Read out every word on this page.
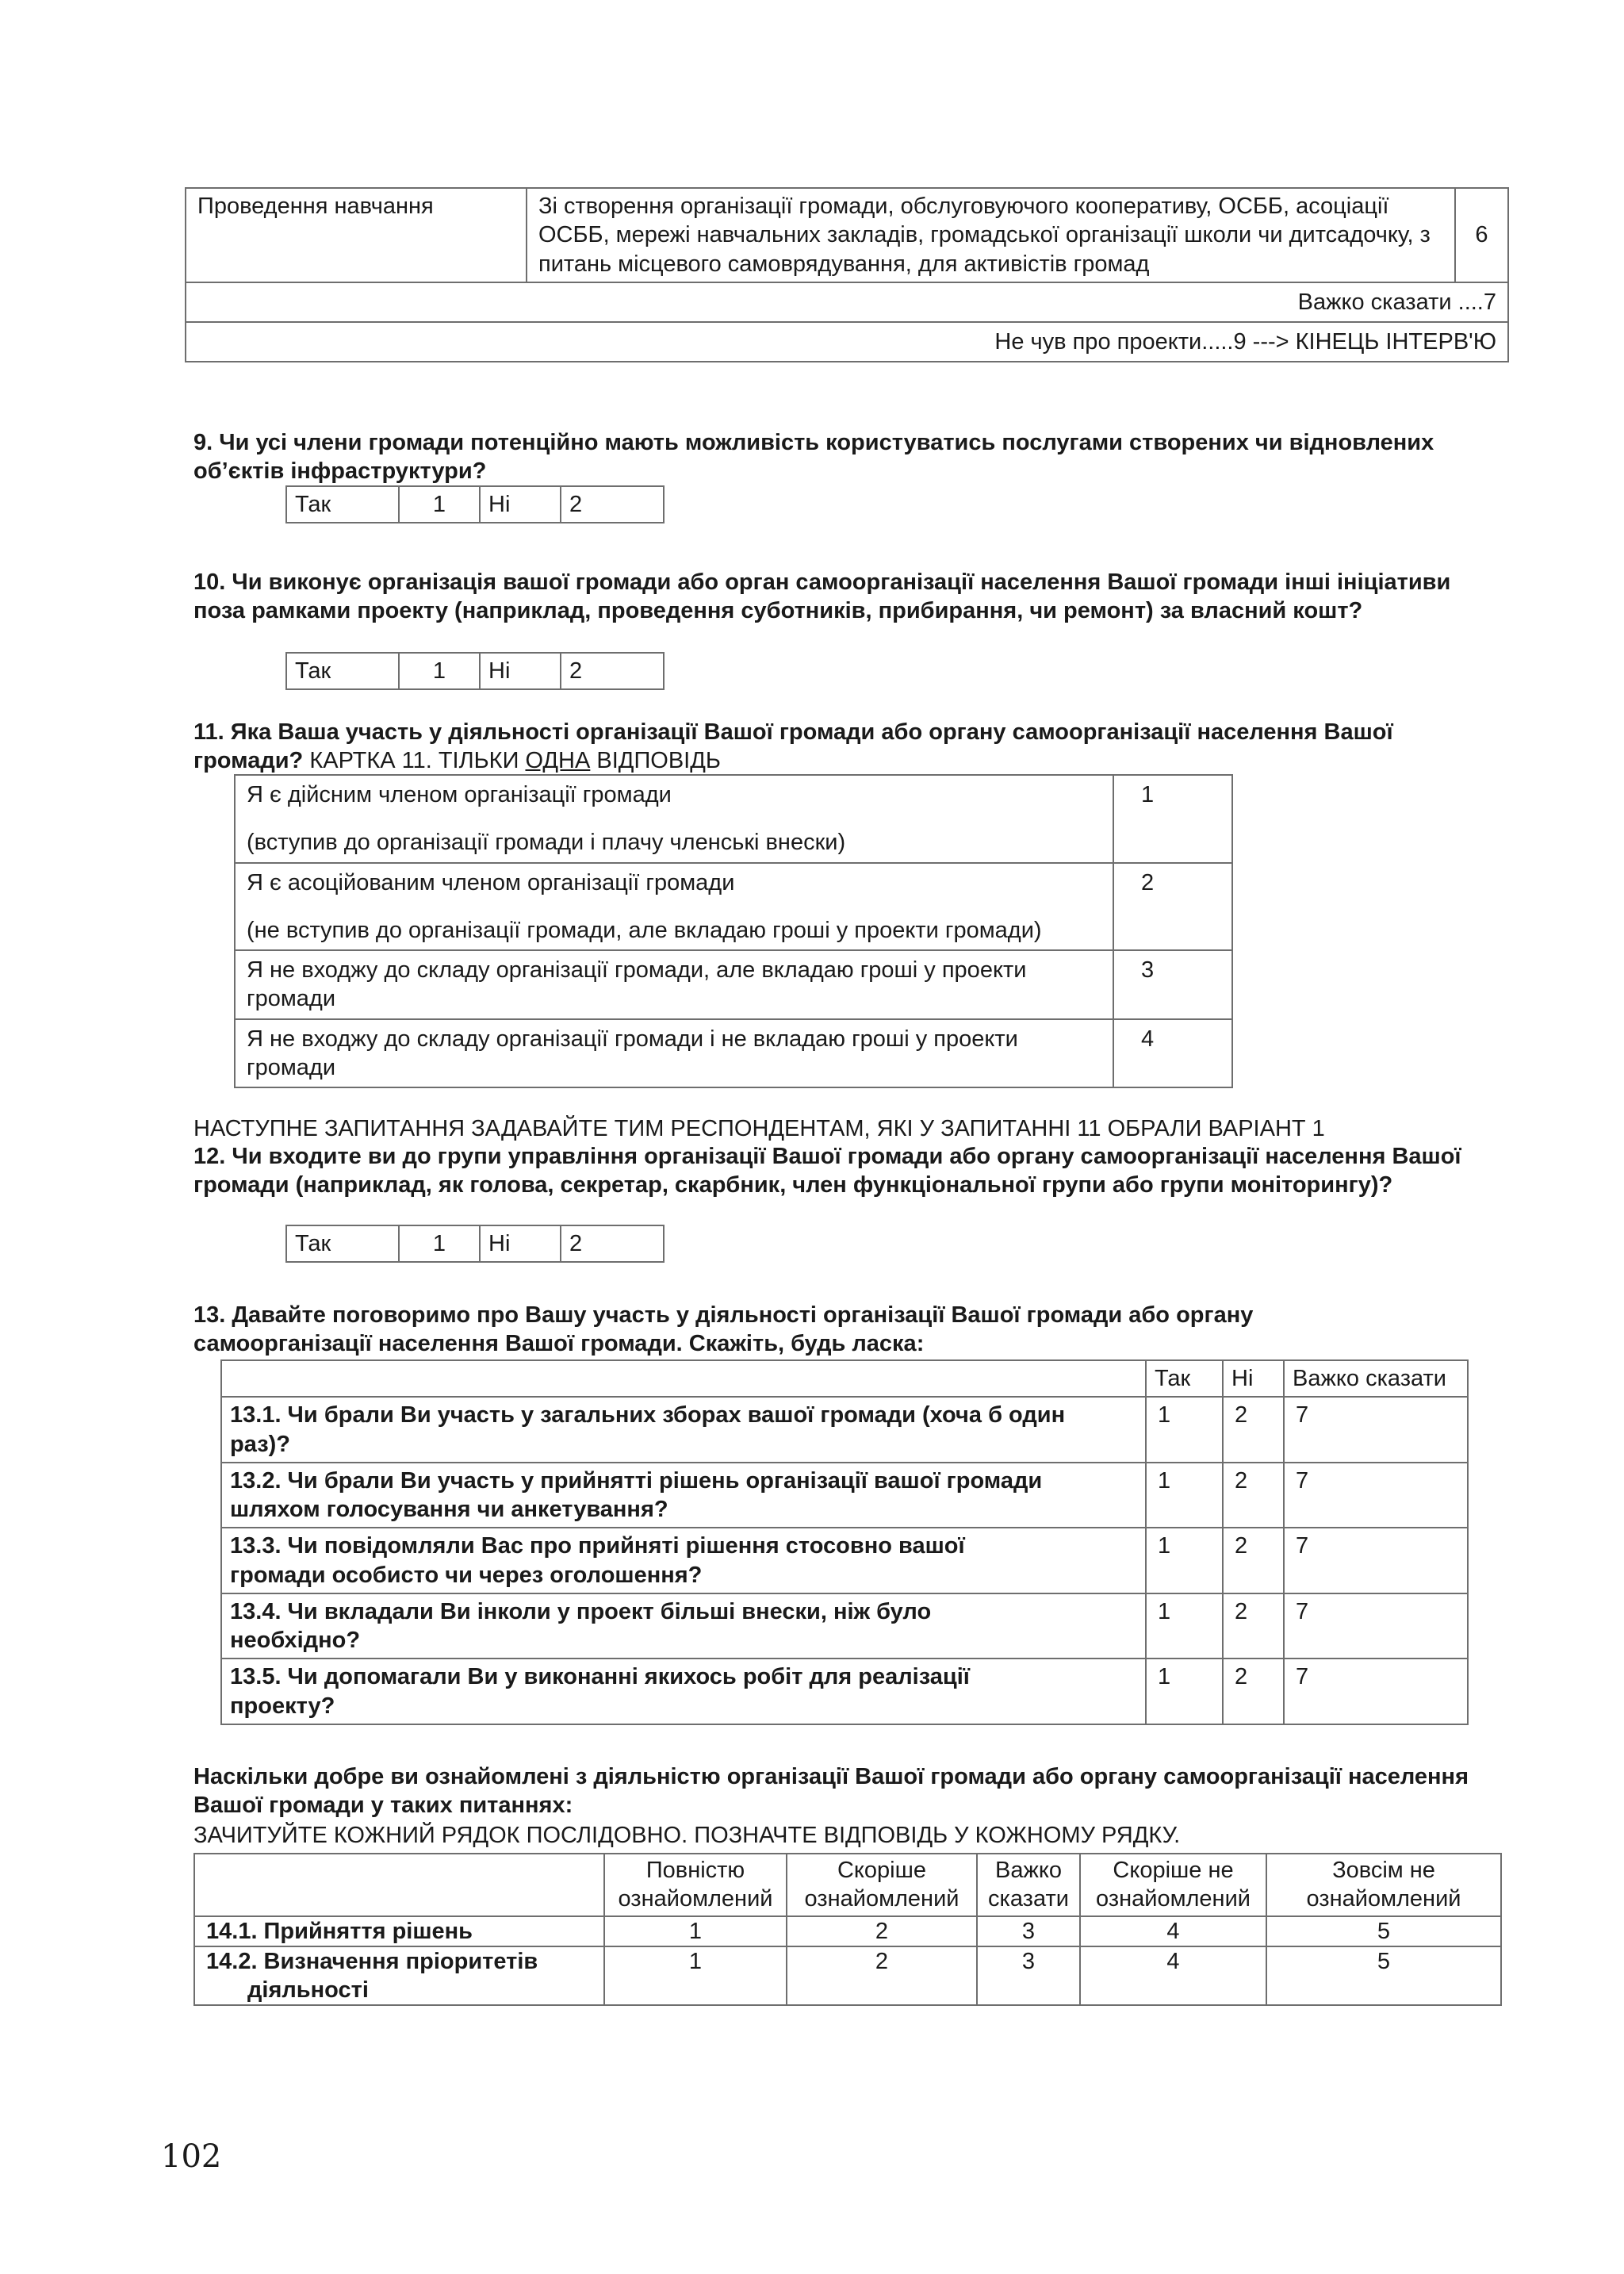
Проведення навчання	Зі створення організації громади, обслуговуючого кооперативу, ОСББ, асоціації ОСББ, мережі навчальних закладів, громадської організації школи чи дитсадочку, з питань місцевого самоврядування, для активістів громад	6
Важко сказати ....7
Не чув про проекти.....9 ---> КІНЕЦЬ ІНТЕРВ'Ю
9. Чи усі члени громади потенційно мають можливість користуватись послугами створених чи відновлених об’єктів інфраструктури?
Так	1	Ні	2
10. Чи виконує організація вашої громади або орган самоорганізації населення Вашої громади інші ініціативи поза рамками проекту (наприклад, проведення суботників, прибирання, чи ремонт) за власний кошт?
Так	1	Ні	2
11. Яка Ваша участь у діяльності організації Вашої громади або органу самоорганізації населення Вашої громади? КАРТКА 11. ТІЛЬКИ ОДНА ВІДПОВІДЬ
Я є дійсним членом організації громади
(вступив до організації громади і плачу членські внески)	1

Я є асоційованим членом організації громади
(не вступив до організації громади, але вкладаю гроші у проекти громади)	2

Я не входжу до складу організації громади, але вкладаю гроші у проекти громади	3

Я не входжу до складу організації громади і не вкладаю гроші у проекти громади	4
НАСТУПНЕ ЗАПИТАННЯ ЗАДАВАЙТЕ ТИМ РЕСПОНДЕНТАМ, ЯКІ У ЗАПИТАННІ 11 ОБРАЛИ ВАРІАНТ 1
12. Чи входите ви до групи управління організації Вашої громади або органу самоорганізації населення Вашої громади (наприклад, як голова, секретар, скарбник, член функціональної групи або групи моніторингу)?
Так	1	Ні	2
13. Давайте поговоримо про Вашу участь у діяльності організації Вашої громади або органу самоорганізації населення Вашої громади. Скажіть, будь ласка:
	Так	Ні	Важко сказати
13.1. Чи брали Ви участь у загальних зборах вашої громади (хоча б один раз)?	1	2	7
13.2. Чи брали Ви участь у прийнятті рішень організації вашої громади шляхом голосування чи анкетування?	1	2	7
13.3. Чи повідомляли Вас про прийняті рішення стосовно вашої громади особисто чи через оголошення?	1	2	7
13.4. Чи вкладали Ви інколи у проект більші внески, ніж було необхідно?	1	2	7
13.5. Чи допомагали Ви у виконанні якихось робіт для реалізації проекту?	1	2	7
Наскільки добре ви ознайомлені з діяльністю організації Вашої громади або органу самоорганізації населення Вашої громади у таких питаннях:
ЗАЧИТУЙТЕ КОЖНИЙ РЯДОК ПОСЛІДОВНО. ПОЗНАЧТЕ ВІДПОВІДЬ У КОЖНОМУ РЯДКУ.
	Повністю ознайомлений	Скоріше ознайомлений	Важко сказати	Скоріше не ознайомлений	Зовсім не ознайомлений
14.1. Прийняття рішень	1	2	3	4	5

14.2. Визначення пріоритетів
діяльності	1	2	3	4	5
102
